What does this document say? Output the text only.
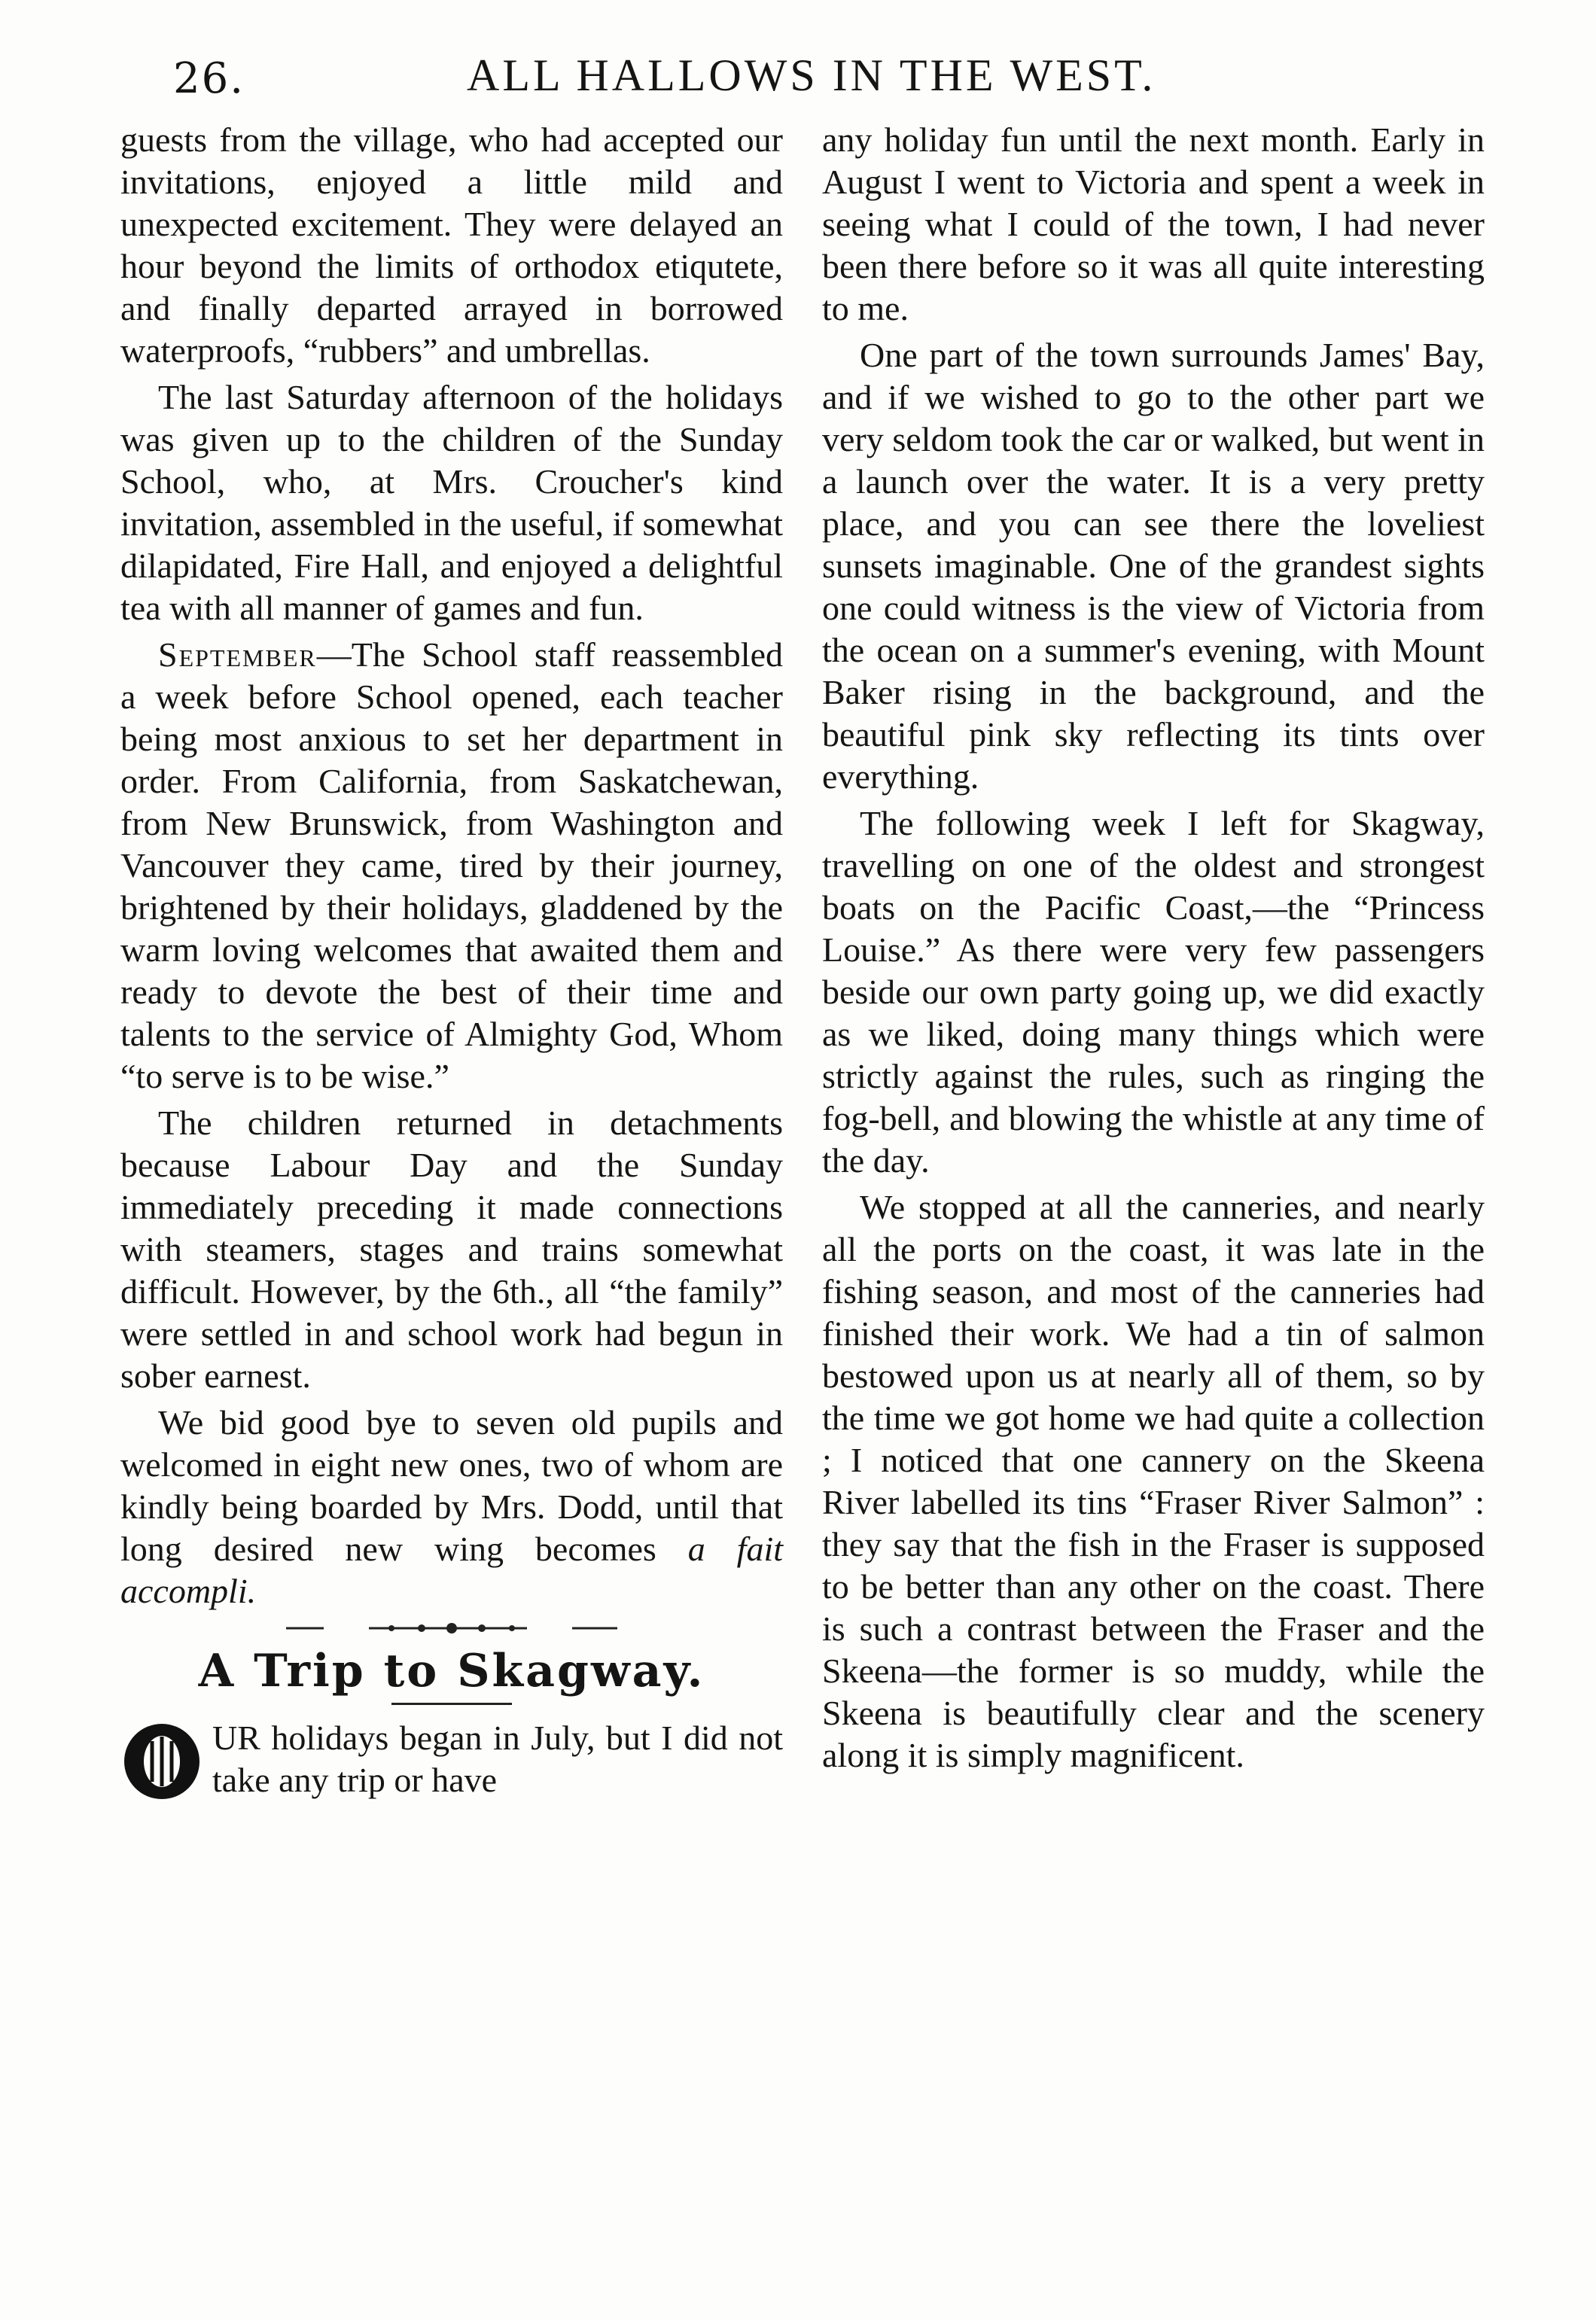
26.	ALL HALLOWS IN THE WEST.

guests from the village, who had accepted our invitations, enjoyed a little mild and unexpected excitement. They were delayed an hour beyond the limits of orthodox etiqutete, and finally departed arrayed in borrowed waterproofs, “rubbers” and umbrellas.

The last Saturday afternoon of the holidays was given up to the children of the Sunday School, who, at Mrs. Croucher's kind invitation, assembled in the useful, if somewhat dilapidated, Fire Hall, and enjoyed a delightful tea with all manner of games and fun.

September—The School staff reassembled a week before School opened, each teacher being most anxious to set her department in order. From California, from Saskatchewan, from New Brunswick, from Washington and Vancouver they came, tired by their journey, brightened by their holidays, gladdened by the warm loving welcomes that awaited them and ready to devote the best of their time and talents to the service of Almighty God, Whom “to serve is to be wise.”

The children returned in detachments because Labour Day and the Sunday immediately preceding it made connections with steamers, stages and trains somewhat difficult. However, by the 6th., all “the family” were settled in and school work had begun in sober earnest.

We bid good bye to seven old pupils and welcomed in eight new ones, two of whom are kindly being boarded by Mrs. Dodd, until that long desired new wing becomes a fait accompli.

A Trip to Skagway.

UR holidays began in July, but I did not take any trip or have

any holiday fun until the next month. Early in August I went to Victoria and spent a week in seeing what I could of the town, I had never been there before so it was all quite interesting to me.

One part of the town surrounds James' Bay, and if we wished to go to the other part we very seldom took the car or walked, but went in a launch over the water. It is a very pretty place, and you can see there the loveliest sunsets imaginable. One of the grandest sights one could witness is the view of Victoria from the ocean on a summer's evening, with Mount Baker rising in the background, and the beautiful pink sky reflecting its tints over everything.

The following week I left for Skagway, travelling on one of the oldest and strongest boats on the Pacific Coast,—the “Princess Louise.” As there were very few passengers beside our own party going up, we did exactly as we liked, doing many things which were strictly against the rules, such as ringing the fog-bell, and blowing the whistle at any time of the day.

We stopped at all the canneries, and nearly all the ports on the coast, it was late in the fishing season, and most of the canneries had finished their work. We had a tin of salmon bestowed upon us at nearly all of them, so by the time we got home we had quite a collection ; I noticed that one cannery on the Skeena River labelled its tins “Fraser River Salmon” : they say that the fish in the Fraser is supposed to be better than any other on the coast. There is such a contrast between the Fraser and the Skeena—the former is so muddy, while the Skeena is beautifully clear and the scenery along it is simply magnificent.
